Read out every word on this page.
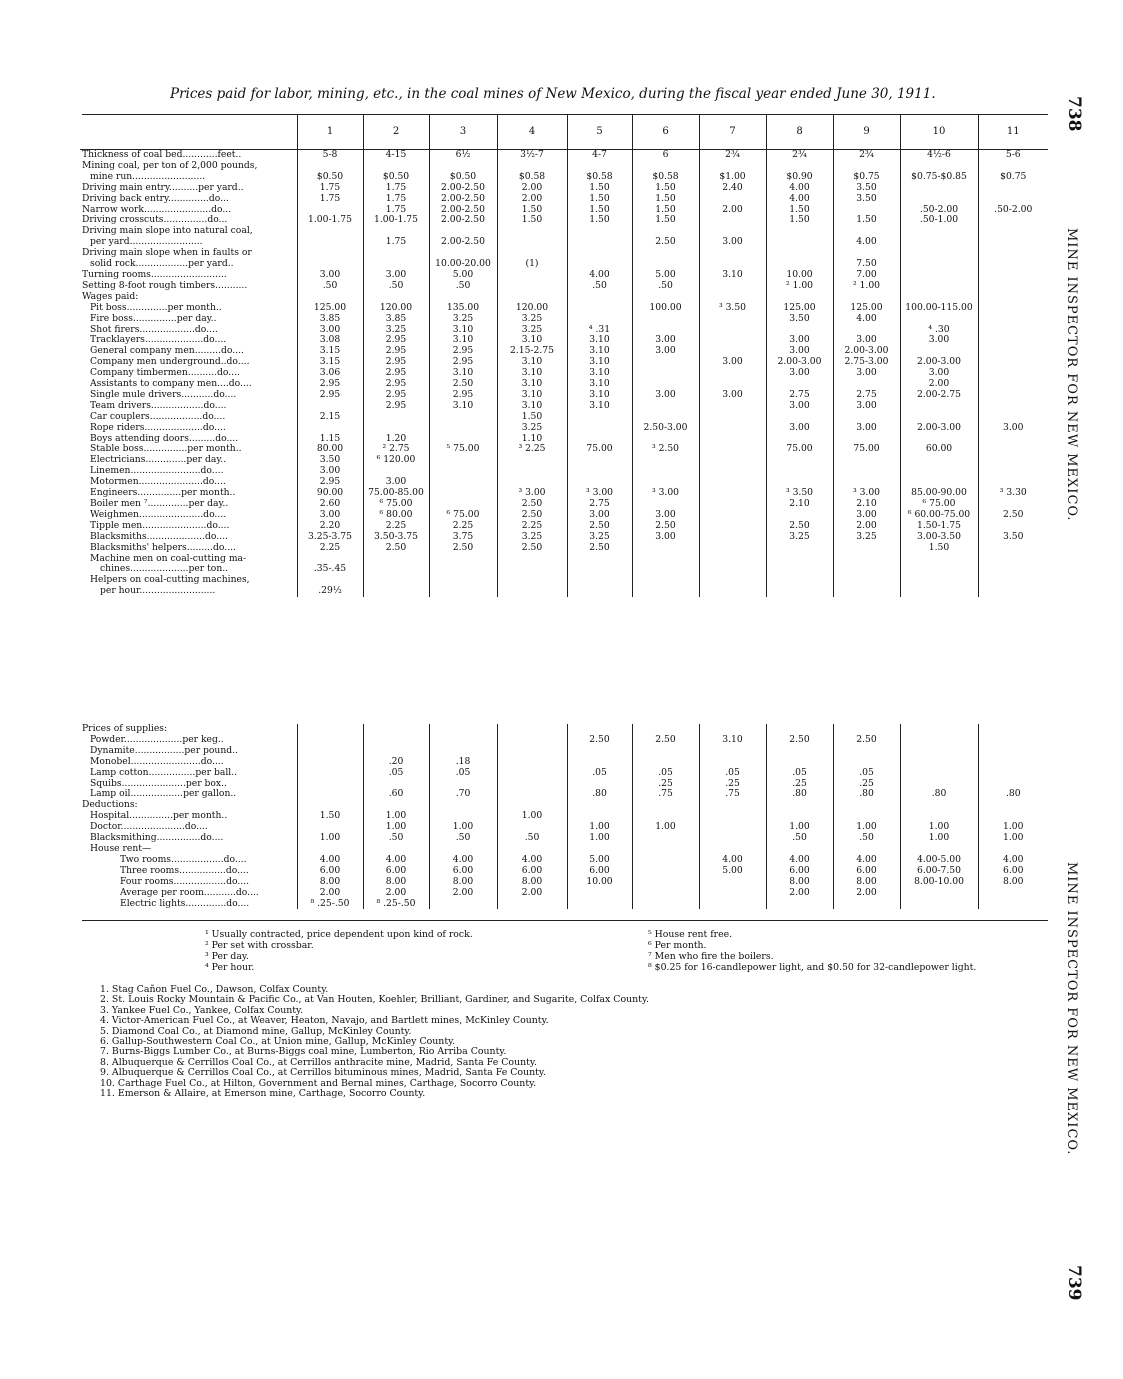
Prices paid for labor, mining, etc., in the coal mines of New Mexico, during the fiscal year ended June 30, 1911.
738
MINE INSPECTOR FOR NEW MEXICO.
MINE INSPECTOR FOR NEW MEXICO.
739
	1	2	3	4	5	6	7	8	9	10	11
Thickness of coal bed............feet..	5-8	4-15	6½	3½-7	4-7	6	2¾	2¾	2¾	4½-6	5-6
Mining coal, per ton of 2,000 pounds,											
mine run.........................	$0.50	$0.50	$0.50	$0.58	$0.58	$0.58	$1.00	$0.90	$0.75	$0.75-$0.85	$0.75
Driving main entry..........per yard..	1.75	1.75	2.00-2.50	2.00	1.50	1.50	2.40	4.00	3.50		
Driving back entry..............do...	1.75	1.75	2.00-2.50	2.00	1.50	1.50		4.00	3.50		
Narrow work.......................do...		1.75	2.00-2.50	1.50	1.50	1.50	2.00	1.50		.50-2.00	.50-2.00
Driving crosscuts...............do...	1.00-1.75	1.00-1.75	2.00-2.50	1.50	1.50	1.50		1.50	1.50	.50-1.00	
Driving main slope into natural coal,											
per yard.........................		1.75	2.00-2.50			2.50	3.00		4.00		
Driving main slope when in faults or											
solid rock..................per yard..			10.00-20.00	(1)					7.50		
Turning rooms..........................	3.00	3.00	5.00		4.00	5.00	3.10	10.00	7.00		
Setting 8-foot rough timbers...........	.50	.50	.50		.50	.50		² 1.00	² 1.00		
Wages paid:											
Pit boss..............per month..	125.00	120.00	135.00	120.00		100.00	³ 3.50	125.00	125.00	100.00-115.00	
Fire boss...............per day..	3.85	3.85	3.25	3.25				3.50	4.00		
Shot firers...................do....	3.00	3.25	3.10	3.25	⁴ .31					⁴ .30	
Tracklayers....................do....	3.08	2.95	3.10	3.10	3.10	3.00		3.00	3.00	3.00	
General company men.........do....	3.15	2.95	2.95	2.15-2.75	3.10	3.00		3.00	2.00-3.00		
Company men underground..do....	3.15	2.95	2.95	3.10	3.10		3.00	2.00-3.00	2.75-3.00	2.00-3.00	
Company timbermen..........do....	3.06	2.95	3.10	3.10	3.10			3.00	3.00	3.00	
Assistants to company men....do....	2.95	2.95	2.50	3.10	3.10					2.00	
Single mule drivers...........do....	2.95	2.95	2.95	3.10	3.10	3.00	3.00	2.75	2.75	2.00-2.75	
Team drivers..................do....		2.95	3.10	3.10	3.10			3.00	3.00		
Car couplers..................do....	2.15			1.50							
Rope riders....................do....				3.25		2.50-3.00		3.00	3.00	2.00-3.00	3.00
Boys attending doors.........do....	1.15	1.20		1.10							
Stable boss...............per month..	80.00	² 2.75	⁵ 75.00	³ 2.25	75.00	³ 2.50		75.00	75.00	60.00	
Electricians..............per day..	3.50	⁶ 120.00									
Linemen........................do....	3.00										
Motormen......................do....	2.95	3.00									
Engineers...............per month..	90.00	75.00-85.00		³ 3.00	³ 3.00	³ 3.00		³ 3.50	³ 3.00	85.00-90.00	³ 3.30
Boiler men ⁷..............per day..	2.60	⁶ 75.00		2.50	2.75			2.10	2.10	⁶ 75.00	
Weighmen......................do....	3.00	⁶ 80.00	⁶ 75.00	2.50	3.00	3.00			3.00	⁶ 60.00-75.00	2.50
Tipple men......................do....	2.20	2.25	2.25	2.25	2.50	2.50		2.50	2.00	1.50-1.75	
Blacksmiths....................do....	3.25-3.75	3.50-3.75	3.75	3.25	3.25	3.00		3.25	3.25	3.00-3.50	3.50
Blacksmiths' helpers.........do....	2.25	2.50	2.50	2.50	2.50					1.50	
Machine men on coal-cutting ma-											
chines....................per ton..	.35-.45										
Helpers on coal-cutting machines,											
per hour..........................	.29½										
Prices of supplies:											
Powder....................per keg..					2.50	2.50	3.10	2.50	2.50		
Dynamite.................per pound..											
Monobel........................do....		.20	.18								
Lamp cotton................per ball..		.05	.05		.05	.05	.05	.05	.05		
Squibs......................per box..						.25	.25	.25	.25		
Lamp oil..................per gallon..		.60	.70		.80	.75	.75	.80	.80	.80	.80
Deductions:											
Hospital...............per month..	1.50	1.00		1.00							
Doctor......................do....		1.00	1.00		1.00	1.00		1.00	1.00	1.00	1.00
Blacksmithing...............do....	1.00	.50	.50	.50	1.00			.50	.50	1.00	1.00
House rent—											
Two rooms..................do....	4.00	4.00	4.00	4.00	5.00		4.00	4.00	4.00	4.00-5.00	4.00
Three rooms................do....	6.00	6.00	6.00	6.00	6.00		5.00	6.00	6.00	6.00-7.50	6.00
Four rooms..................do....	8.00	8.00	8.00	8.00	10.00			8.00	8.00	8.00-10.00	8.00
Average per room...........do....	2.00	2.00	2.00	2.00				2.00	2.00		
Electric lights..............do....	⁸ .25-.50	⁸ .25-.50									
¹ Usually contracted, price dependent upon kind of rock.
² Per set with crossbar.
³ Per day.
⁴ Per hour.
⁵ House rent free.
⁶ Per month.
⁷ Men who fire the boilers.
⁸ $0.25 for 16-candlepower light, and $0.50 for 32-candlepower light.
1. Stag Cañon Fuel Co., Dawson, Colfax County.
2. St. Louis Rocky Mountain & Pacific Co., at Van Houten, Koehler, Brilliant, Gardiner, and Sugarite, Colfax County.
3. Yankee Fuel Co., Yankee, Colfax County.
4. Victor-American Fuel Co., at Weaver, Heaton, Navajo, and Bartlett mines, McKinley County.
5. Diamond Coal Co., at Diamond mine, Gallup, McKinley County.
6. Gallup-Southwestern Coal Co., at Union mine, Gallup, McKinley County.
7. Burns-Biggs Lumber Co., at Burns-Biggs coal mine, Lumberton, Rio Arriba County.
8. Albuquerque & Cerrillos Coal Co., at Cerrillos anthracite mine, Madrid, Santa Fe County.
9. Albuquerque & Cerrillos Coal Co., at Cerrillos bituminous mines, Madrid, Santa Fe County.
10. Carthage Fuel Co., at Hilton, Government and Bernal mines, Carthage, Socorro County.
11. Emerson & Allaire, at Emerson mine, Carthage, Socorro County.
